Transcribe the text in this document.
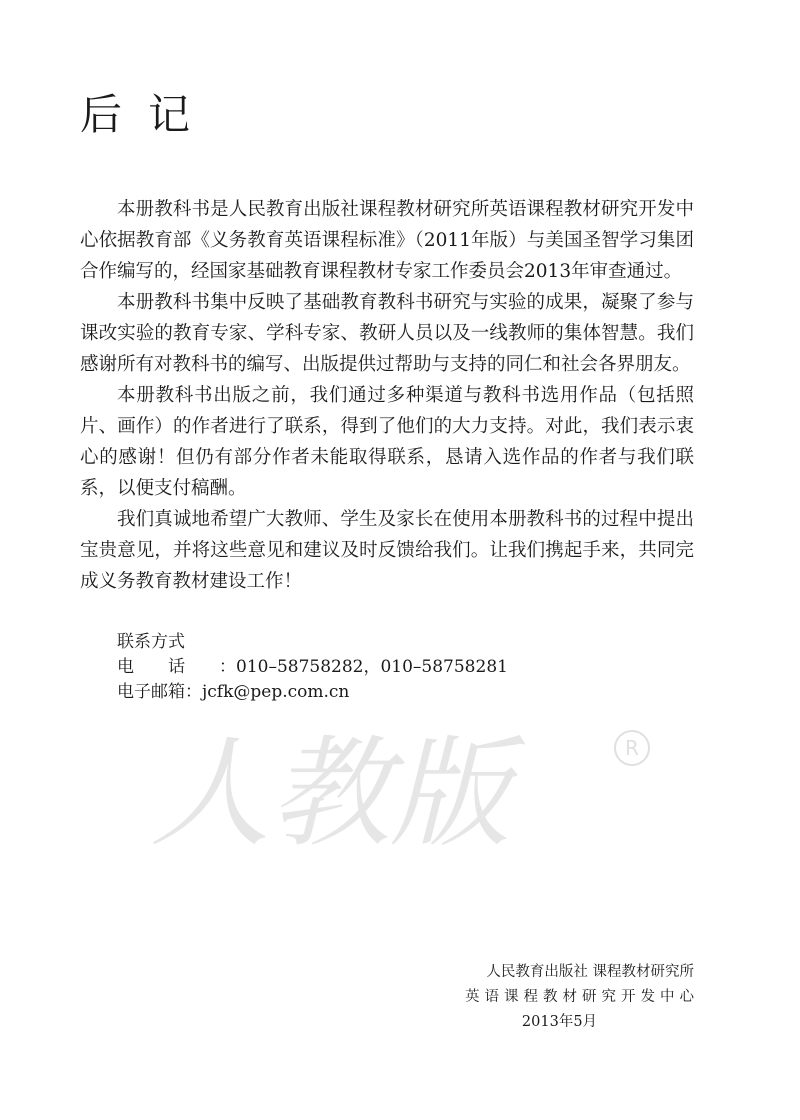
后记

本册教科书是人民教育出版社课程教材研究所英语课程教材研究开发中心依据教育部《义务教育英语课程标准》（2011年版）与美国圣智学习集团合作编写的，经国家基础教育课程教材专家工作委员会2013年审查通过。

本册教科书集中反映了基础教育教科书研究与实验的成果，凝聚了参与课改实验的教育专家、学科专家、教研人员以及一线教师的集体智慧。我们感谢所有对教科书的编写、出版提供过帮助与支持的同仁和社会各界朋友。

本册教科书出版之前，我们通过多种渠道与教科书选用作品（包括照片、画作）的作者进行了联系，得到了他们的大力支持。对此，我们表示衷心的感谢！但仍有部分作者未能取得联系，恳请入选作品的作者与我们联系，以便支付稿酬。

我们真诚地希望广大教师、学生及家长在使用本册教科书的过程中提出宝贵意见，并将这些意见和建议及时反馈给我们。让我们携起手来，共同完成义务教育教材建设工作！

联系方式
电话：010–58758282，010–58758281
电子邮箱：jcfk@pep.com.cn
人教版	R
人民教育出版社 课程教材研究所
英语课程教材研究开发中心
2013年5月
